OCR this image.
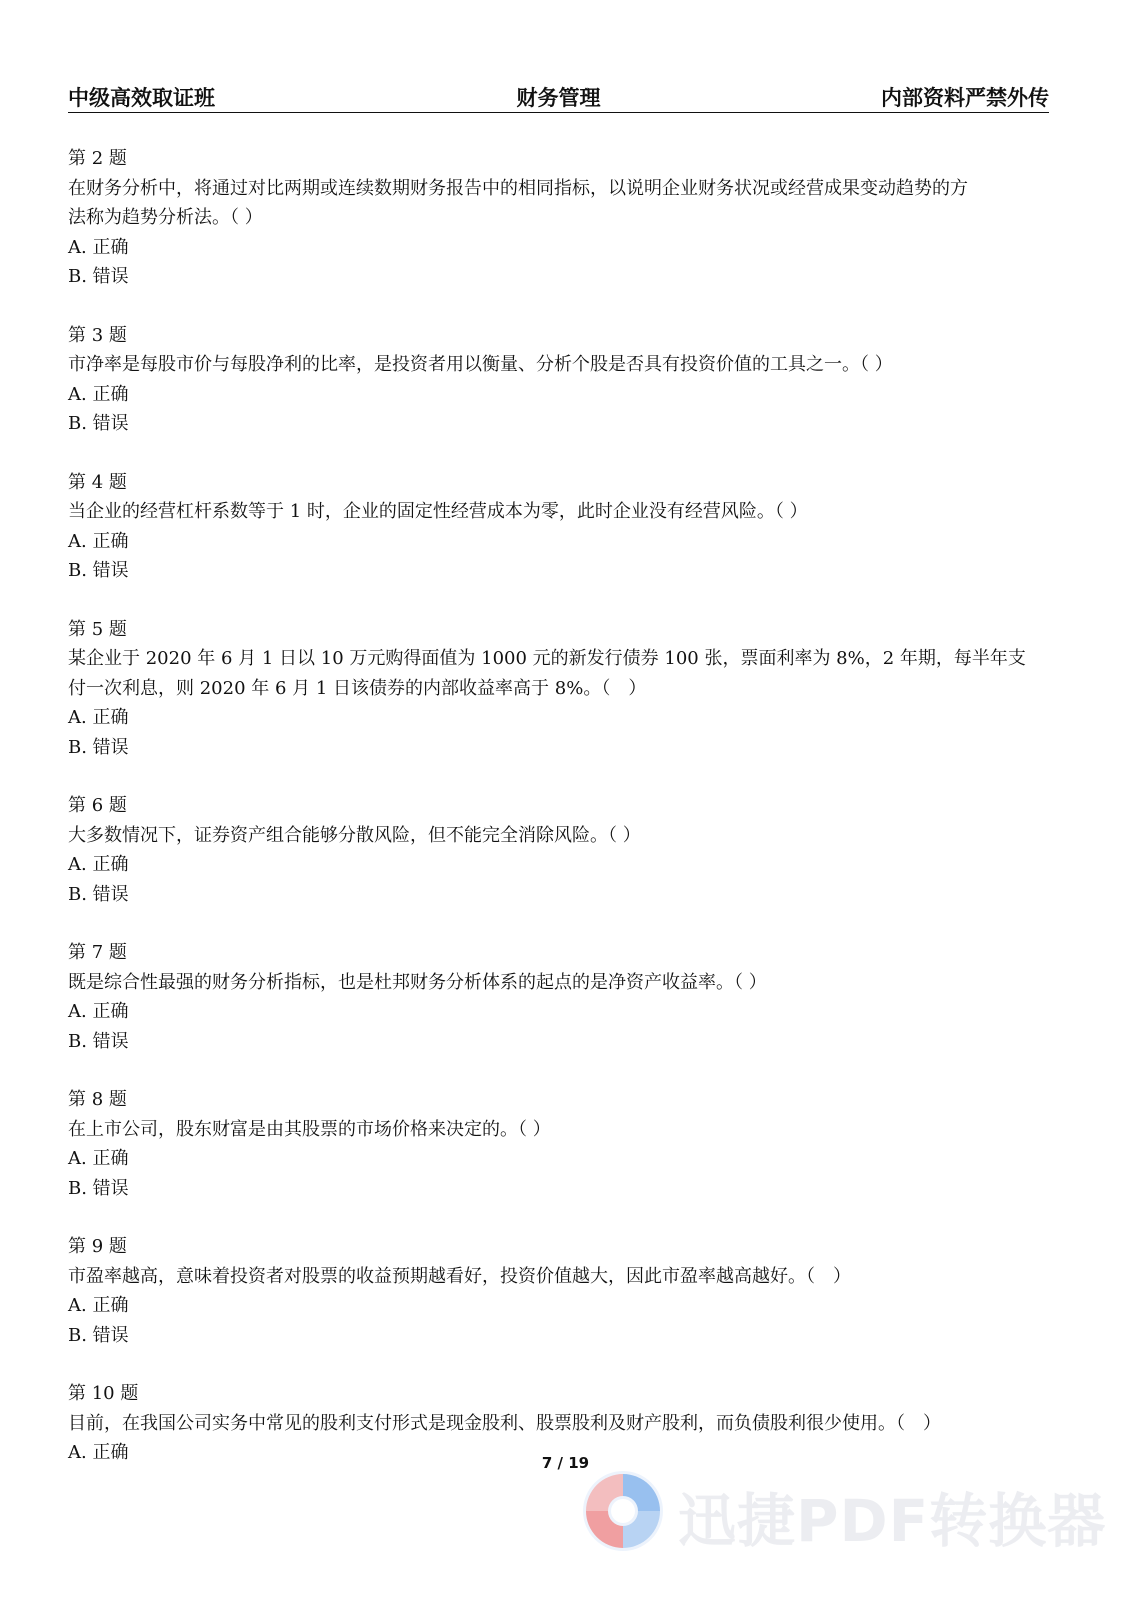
中级高效取证班	财务管理	内部资料严禁外传
第 2 题
在财务分析中，将通过对比两期或连续数期财务报告中的相同指标，以说明企业财务状况或经营成果变动趋势的方
法称为趋势分析法。（ ）
A. 正确
B. 错误
第 3 题
市净率是每股市价与每股净利的比率，是投资者用以衡量、分析个股是否具有投资价值的工具之一。（ ）
A. 正确
B. 错误
第 4 题
当企业的经营杠杆系数等于 1 时，企业的固定性经营成本为零，此时企业没有经营风险。（ ）
A. 正确
B. 错误
第 5 题
某企业于 2020 年 6 月 1 日以 10 万元购得面值为 1000 元的新发行债券 100 张，票面利率为 8%，2 年期，每半年支
付一次利息，则 2020 年 6 月 1 日该债券的内部收益率高于 8%。（　）
A. 正确
B. 错误
第 6 题
大多数情况下，证券资产组合能够分散风险，但不能完全消除风险。（ ）
A. 正确
B. 错误
第 7 题
既是综合性最强的财务分析指标，也是杜邦财务分析体系的起点的是净资产收益率。（ ）
A. 正确
B. 错误
第 8 题
在上市公司，股东财富是由其股票的市场价格来决定的。（ ）
A. 正确
B. 错误
第 9 题
市盈率越高，意味着投资者对股票的收益预期越看好，投资价值越大，因此市盈率越高越好。（　）
A. 正确
B. 错误
第 10 题
目前，在我国公司实务中常见的股利支付形式是现金股利、股票股利及财产股利，而负债股利很少使用。（　）
A. 正确	7 / 19
迅捷PDF转换器
